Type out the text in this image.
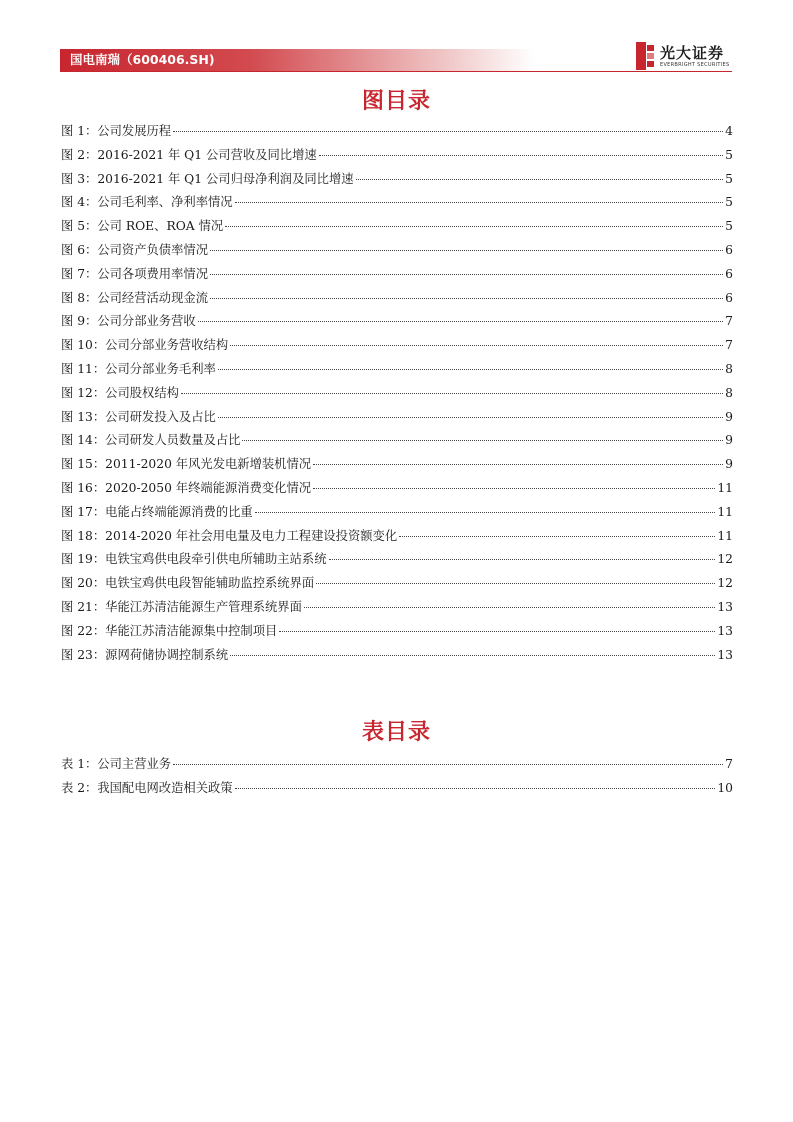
国电南瑞（600406.SH)	光大证券
EVERBRIGHT SECURITIES
图目录
图 1：公司发展历程	4
图 2：2016-2021 年 Q1 公司营收及同比增速	5
图 3：2016-2021 年 Q1 公司归母净利润及同比增速	5
图 4：公司毛利率、净利率情况	5
图 5：公司 ROE、ROA 情况	5
图 6：公司资产负债率情况	6
图 7：公司各项费用率情况	6
图 8：公司经营活动现金流	6
图 9：公司分部业务营收	7
图 10：公司分部业务营收结构	7
图 11：公司分部业务毛利率	8
图 12：公司股权结构	8
图 13：公司研发投入及占比	9
图 14：公司研发人员数量及占比	9
图 15：2011-2020 年风光发电新增装机情况	9
图 16：2020-2050 年终端能源消费变化情况	11
图 17：电能占终端能源消费的比重	11
图 18：2014-2020 年社会用电量及电力工程建设投资额变化	11
图 19：电铁宝鸡供电段牵引供电所辅助主站系统	12
图 20：电铁宝鸡供电段智能辅助监控系统界面	12
图 21：华能江苏清洁能源生产管理系统界面	13
图 22：华能江苏清洁能源集中控制项目	13
图 23：源网荷储协调控制系统	13
表目录
表 1：公司主营业务	7
表 2：我国配电网改造相关政策	10
